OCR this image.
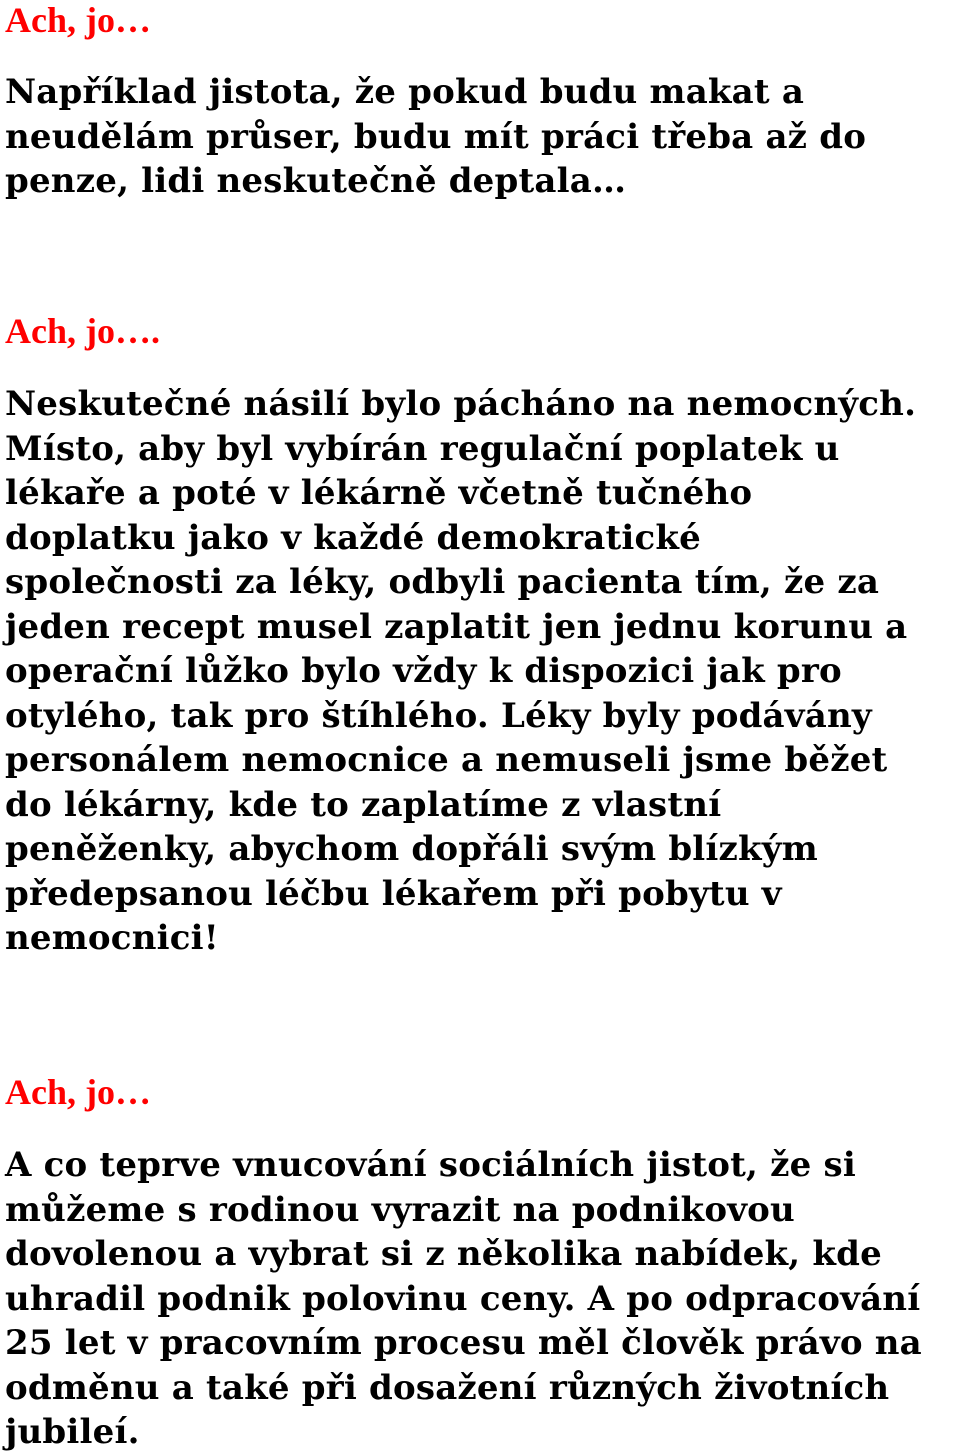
Ach, jo…

Například jistota, že pokud budu makat a
neudělám průser, budu mít práci třeba až do
penze, lidi neskutečně deptala…

Ach, jo….

Neskutečné násilí bylo pácháno na nemocných.
Místo, aby byl vybírán regulační poplatek u
lékaře a poté v lékárně včetně tučného
doplatku jako v každé demokratické
společnosti za léky, odbyli pacienta tím, že za
jeden recept musel zaplatit jen jednu korunu a
operační lůžko bylo vždy k dispozici jak pro
otylého, tak pro štíhlého. Léky byly podávány
personálem nemocnice a nemuseli jsme běžet
do lékárny, kde to zaplatíme z vlastní
peněženky, abychom dopřáli svým blízkým
předepsanou léčbu lékařem při pobytu v
nemocnici!

Ach, jo…

A co teprve vnucování sociálních jistot, že si
můžeme s rodinou vyrazit na podnikovou
dovolenou a vybrat si z několika nabídek, kde
uhradil podnik polovinu ceny. A po odpracování
25 let v pracovním procesu měl člověk právo na
odměnu a také při dosažení různých životních
jubileí.
